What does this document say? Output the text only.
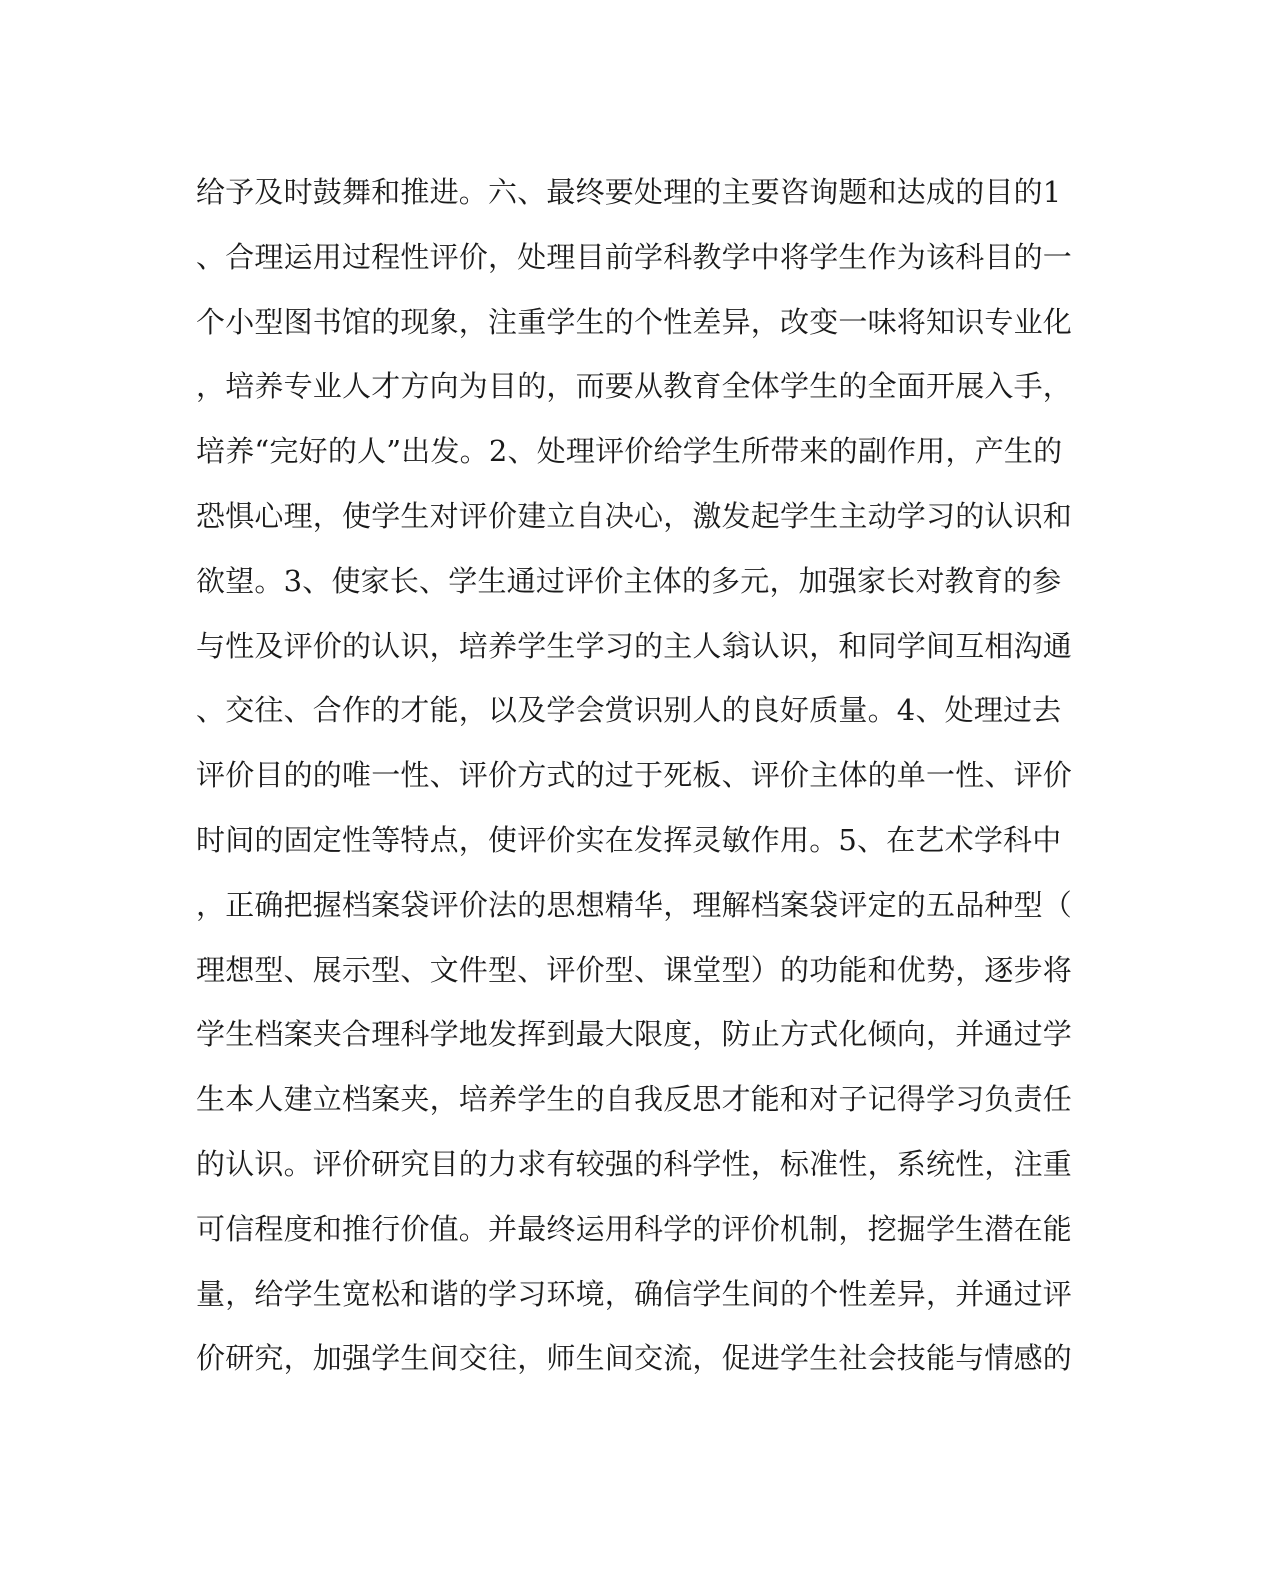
给予及时鼓舞和推进。六、最终要处理的主要咨询题和达成的目的1
、合理运用过程性评价，处理目前学科教学中将学生作为该科目的一
个小型图书馆的现象，注重学生的个性差异，改变一味将知识专业化
，培养专业人才方向为目的，而要从教育全体学生的全面开展入手，
培养“完好的人”出发。2、处理评价给学生所带来的副作用，产生的
恐惧心理，使学生对评价建立自决心，激发起学生主动学习的认识和
欲望。3、使家长、学生通过评价主体的多元，加强家长对教育的参
与性及评价的认识，培养学生学习的主人翁认识，和同学间互相沟通
、交往、合作的才能，以及学会赏识别人的良好质量。4、处理过去
评价目的的唯一性、评价方式的过于死板、评价主体的单一性、评价
时间的固定性等特点，使评价实在发挥灵敏作用。5、在艺术学科中
，正确把握档案袋评价法的思想精华，理解档案袋评定的五品种型（
理想型、展示型、文件型、评价型、课堂型）的功能和优势，逐步将
学生档案夹合理科学地发挥到最大限度，防止方式化倾向，并通过学
生本人建立档案夹，培养学生的自我反思才能和对子记得学习负责任
的认识。评价研究目的力求有较强的科学性，标准性，系统性，注重
可信程度和推行价值。并最终运用科学的评价机制，挖掘学生潜在能
量，给学生宽松和谐的学习环境，确信学生间的个性差异，并通过评
价研究，加强学生间交往，师生间交流，促进学生社会技能与情感的
